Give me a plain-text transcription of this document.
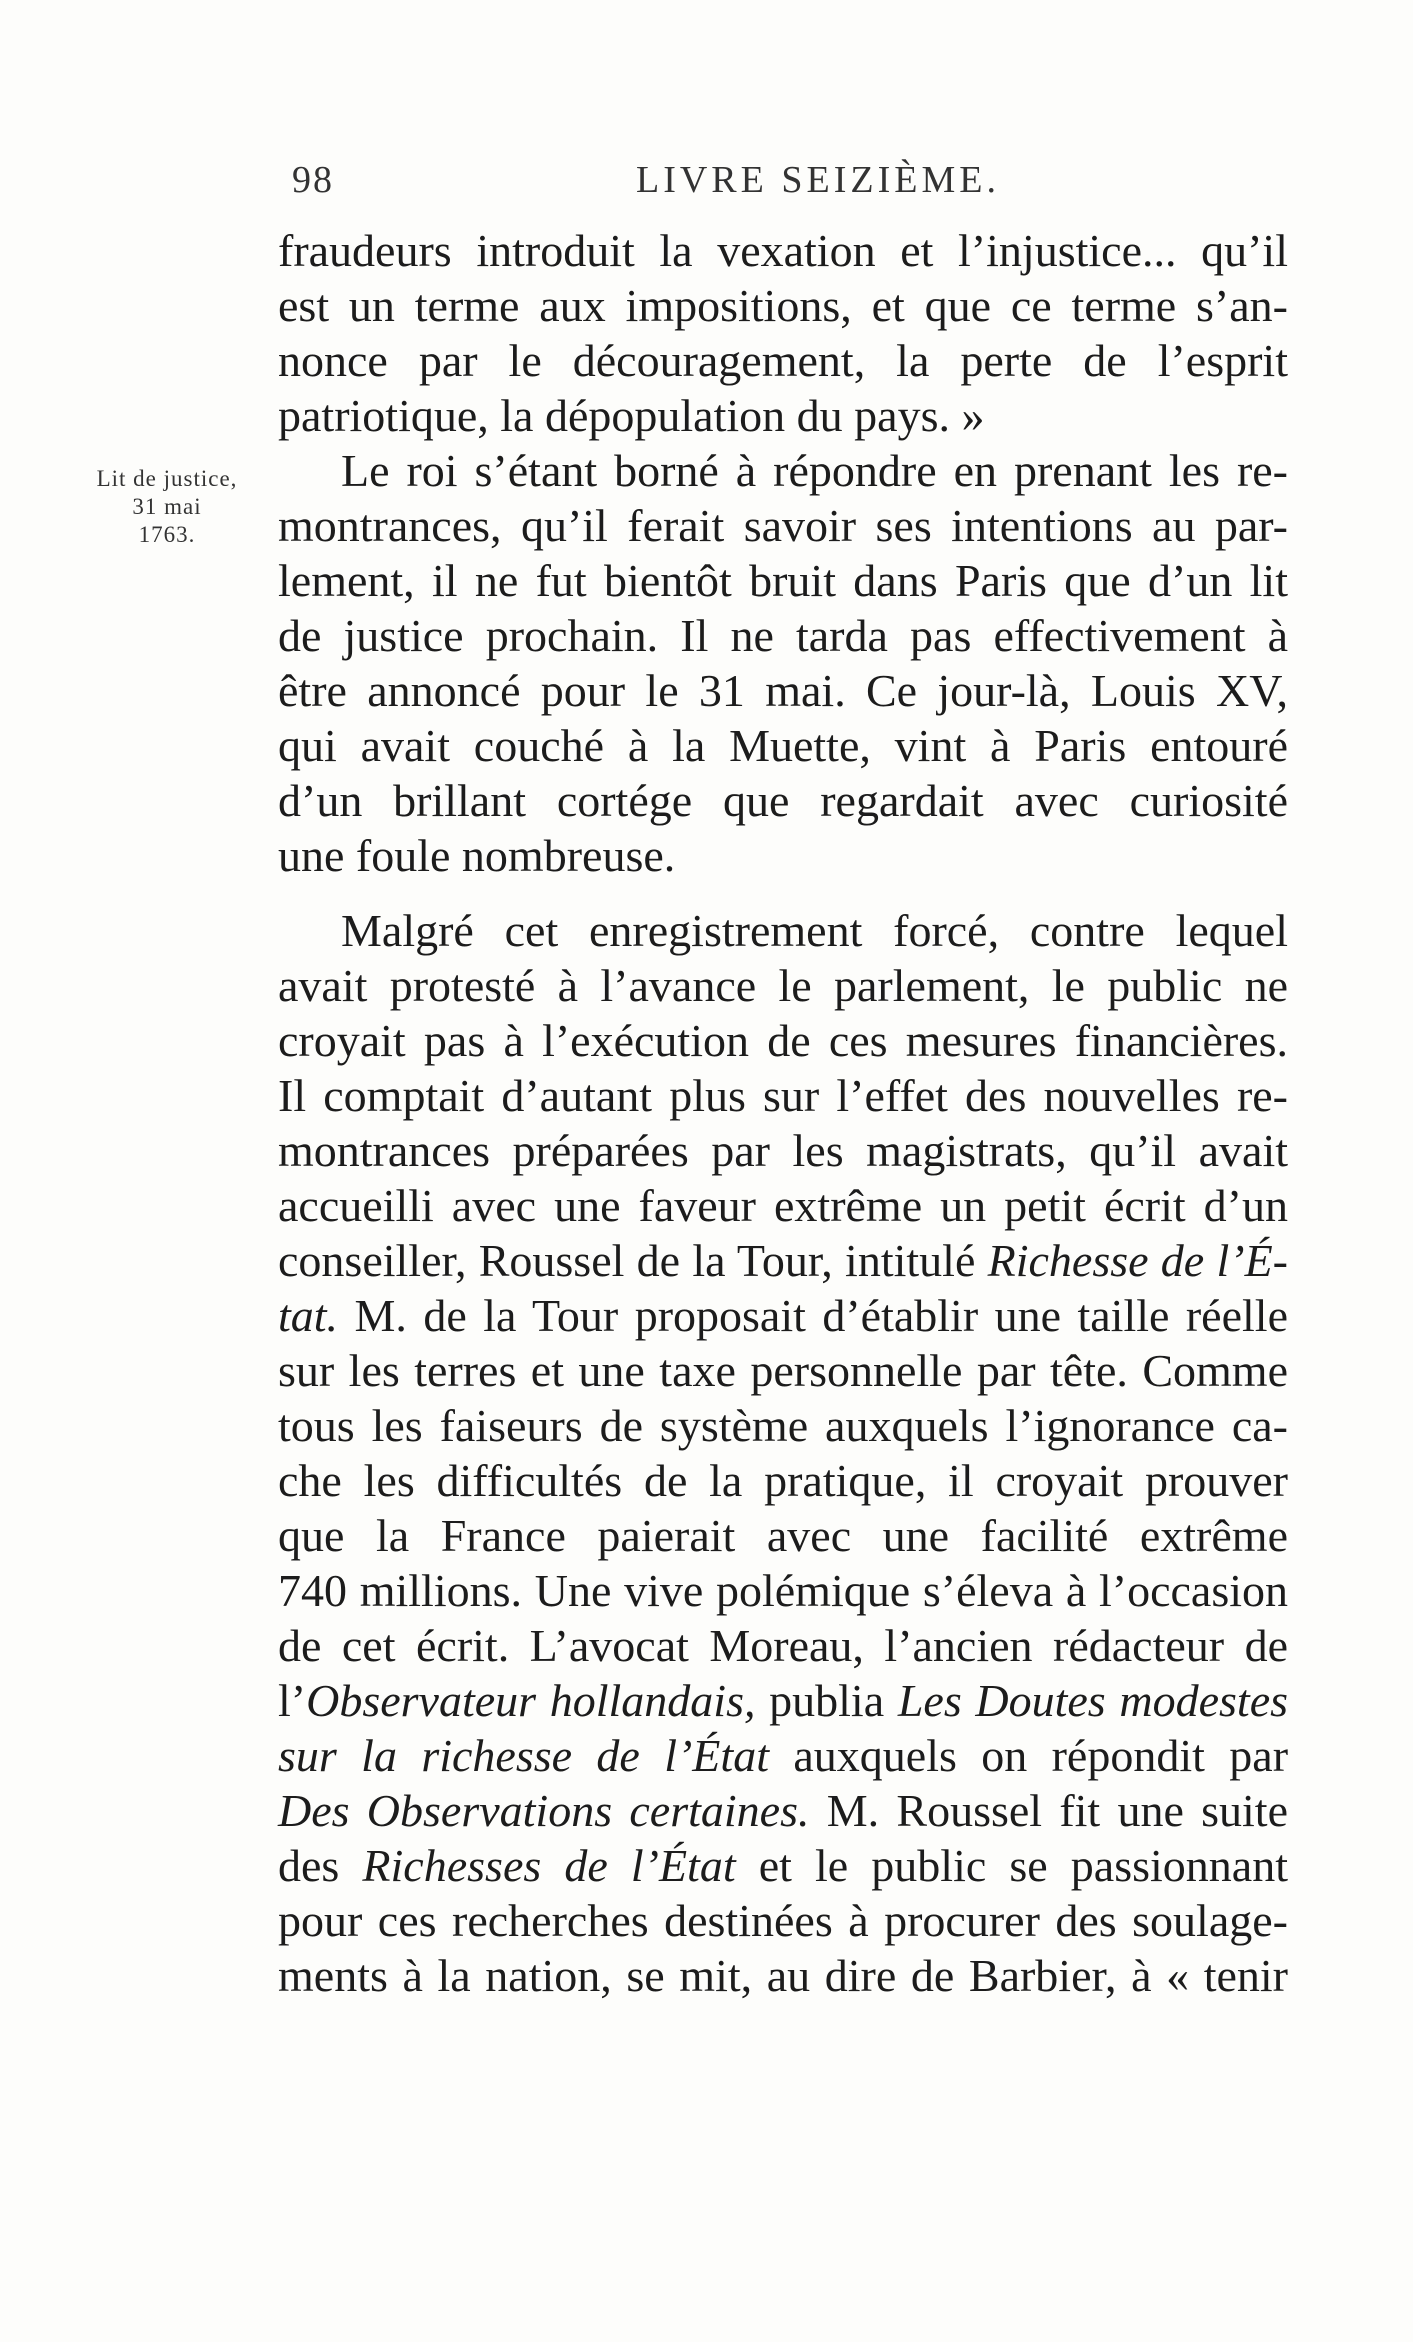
98	LIVRE SEIZIÈME.
Lit de justice,
31 mai
1763.
fraudeurs introduit la vexation et l’injustice... qu’il
est un terme aux impositions, et que ce terme s’an-
nonce par le découragement, la perte de l’esprit
patriotique, la dépopulation du pays. »
Le roi s’étant borné à répondre en prenant les re-
montrances, qu’il ferait savoir ses intentions au par-
lement, il ne fut bientôt bruit dans Paris que d’un lit
de justice prochain. Il ne tarda pas effectivement à
être annoncé pour le 31 mai. Ce jour-là, Louis XV,
qui avait couché à la Muette, vint à Paris entouré
d’un brillant cortége que regardait avec curiosité
une foule nombreuse.
Malgré cet enregistrement forcé, contre lequel
avait protesté à l’avance le parlement, le public ne
croyait pas à l’exécution de ces mesures financières.
Il comptait d’autant plus sur l’effet des nouvelles re-
montrances préparées par les magistrats, qu’il avait
accueilli avec une faveur extrême un petit écrit d’un
conseiller, Roussel de la Tour, intitulé Richesse de l’É-
tat. M. de la Tour proposait d’établir une taille réelle
sur les terres et une taxe personnelle par tête. Comme
tous les faiseurs de système auxquels l’ignorance ca-
che les difficultés de la pratique, il croyait prouver
que la France paierait avec une facilité extrême
740 millions. Une vive polémique s’éleva à l’occasion
de cet écrit. L’avocat Moreau, l’ancien rédacteur de
l’Observateur hollandais, publia Les Doutes modestes
sur la richesse de l’État auxquels on répondit par
Des Observations certaines. M. Roussel fit une suite
des Richesses de l’État et le public se passionnant
pour ces recherches destinées à procurer des soulage-
ments à la nation, se mit, au dire de Barbier, à « tenir
